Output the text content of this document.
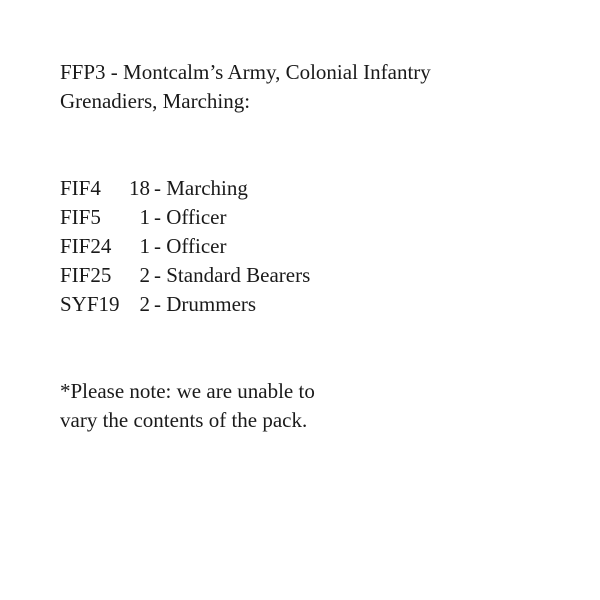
FFP3 - Montcalm’s Army, Colonial Infantry
Grenadiers, Marching:
FIF4	18 - Marching
FIF5	1 - Officer
FIF24	1 - Officer
FIF25	2 - Standard Bearers
SYF19 2 - Drummers
*Please note: we are unable to
vary the contents of the pack.
